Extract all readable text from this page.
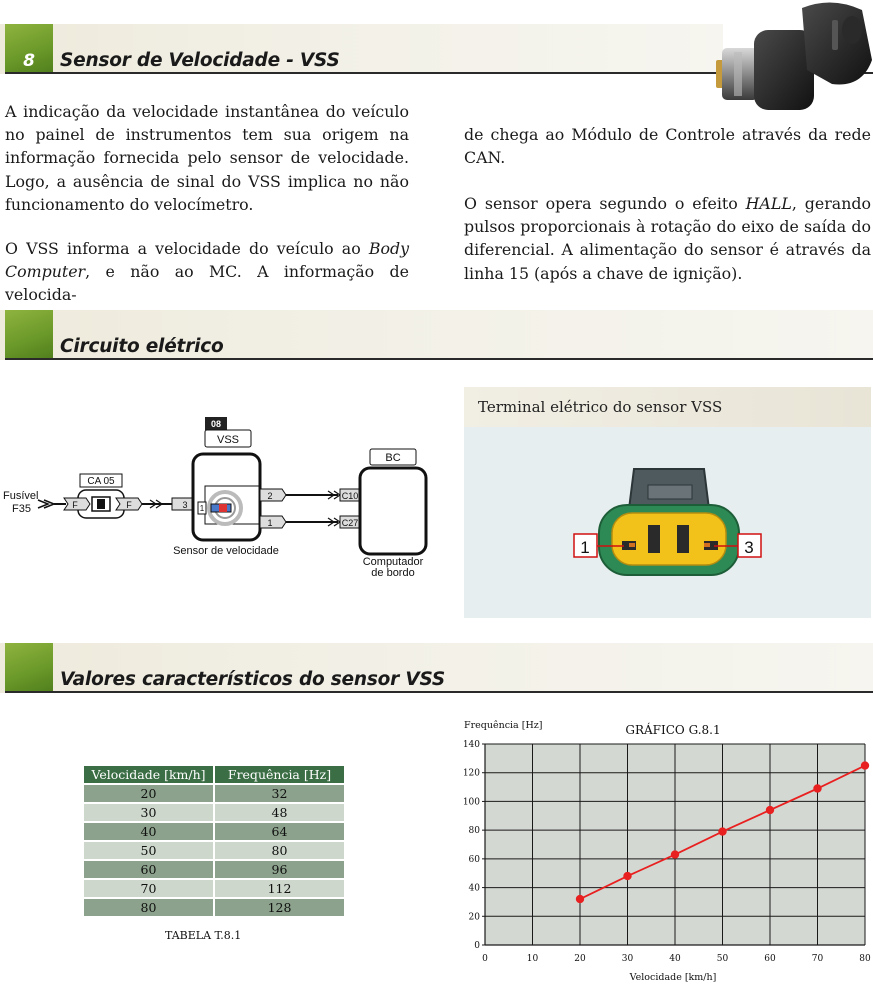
8	Sensor de Velocidade - VSS
A indicação da velocidade instantânea do veículo no painel de instrumentos tem sua origem na informação fornecida pelo sensor de velocidade. Logo, a ausência de sinal do VSS implica no não funcionamento do velocímetro.
O VSS informa a velocidade do veículo ao Body Computer, e não ao MC. A informação de velocida-
de chega ao Módulo de Controle através da rede CAN.
O sensor opera segundo o efeito HALL, gerando pulsos proporcionais à rotação do eixo de saída do diferencial. A alimentação do sensor é através da linha 15 (após a chave de ignição).
Circuito elétrico
Fusível
F35
CA 05
F	F	3
08
VSS
1
Sensor de velocidade
2
1
C10
C27
BC
Computador
de bordo
Terminal elétrico do sensor VSS
1	3
Valores característicos do sensor VSS
Velocidade [km/h]	Frequência [Hz]
20	32
30	48
40	64
50	80
60	96
70	112
80	128
TABELA T.8.1
Frequência [Hz]	GRÁFICO G.8.1
Velocidade [km/h]
0	10	20	30	40	50	60	70	80
0
20
40
60
80
100
120
140
